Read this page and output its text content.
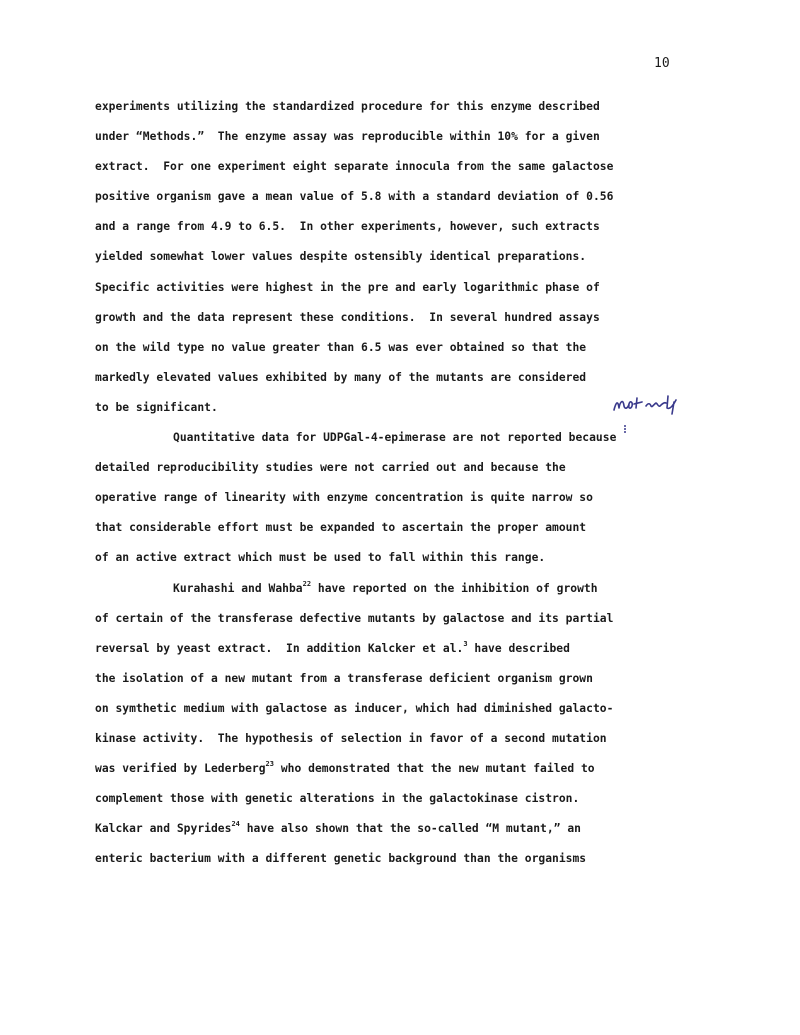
10
experiments utilizing the standardized procedure for this enzyme described
under “Methods.”  The enzyme assay was reproducible within 10% for a given
extract.  For one experiment eight separate innocula from the same galactose
positive organism gave a mean value of 5.8 with a standard deviation of 0.56
and a range from 4.9 to 6.5.  In other experiments, however, such extracts
yielded somewhat lower values despite ostensibly identical preparations.
Specific activities were highest in the pre and early logarithmic phase of
growth and the data represent these conditions.  In several hundred assays
on the wild type no value greater than 6.5 was ever obtained so that the
markedly elevated values exhibited by many of the mutants are considered
to be significant.
Quantitative data for UDPGal-4-epimerase are not reported because
detailed reproducibility studies were not carried out and because the
operative range of linearity with enzyme concentration is quite narrow so
that considerable effort must be expanded to ascertain the proper amount
of an active extract which must be used to fall within this range.
Kurahashi and Wahba$^{22}$ have reported on the inhibition of growth
of certain of the transferase defective mutants by galactose and its partial
reversal by yeast extract.  In addition Kalcker et al.$^3$ have described
the isolation of a new mutant from a transferase deficient organism grown
on symthetic medium with galactose as inducer, which had diminished galacto-
kinase activity.  The hypothesis of selection in favor of a second mutation
was verified by Lederberg$^{23}$ who demonstrated that the new mutant failed to
complement those with genetic alterations in the galactokinase cistron.
Kalckar and Spyrides$^{24}$ have also shown that the so-called “M mutant,” an
enteric bacterium with a different genetic background than the organisms
